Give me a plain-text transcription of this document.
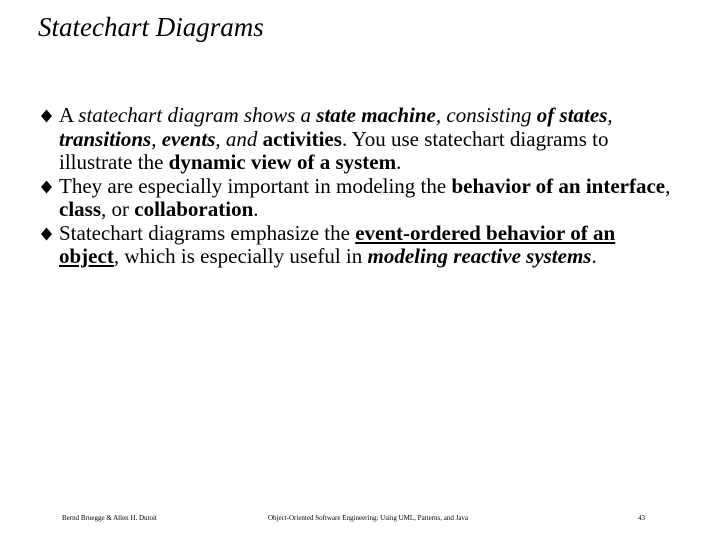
Statechart Diagrams
A statechart diagram shows a state machine, consisting of states, transitions, events, and activities. You use statechart diagrams to illustrate the dynamic view of a system.
They are especially important in modeling the behavior of an interface, class, or collaboration.
Statechart diagrams emphasize the event-ordered behavior of an object, which is especially useful in modeling reactive systems.
Bernd Bruegge & Allen H. Dutoit	Object-Oriented Software Engineering: Using UML, Patterns, and Java	43
